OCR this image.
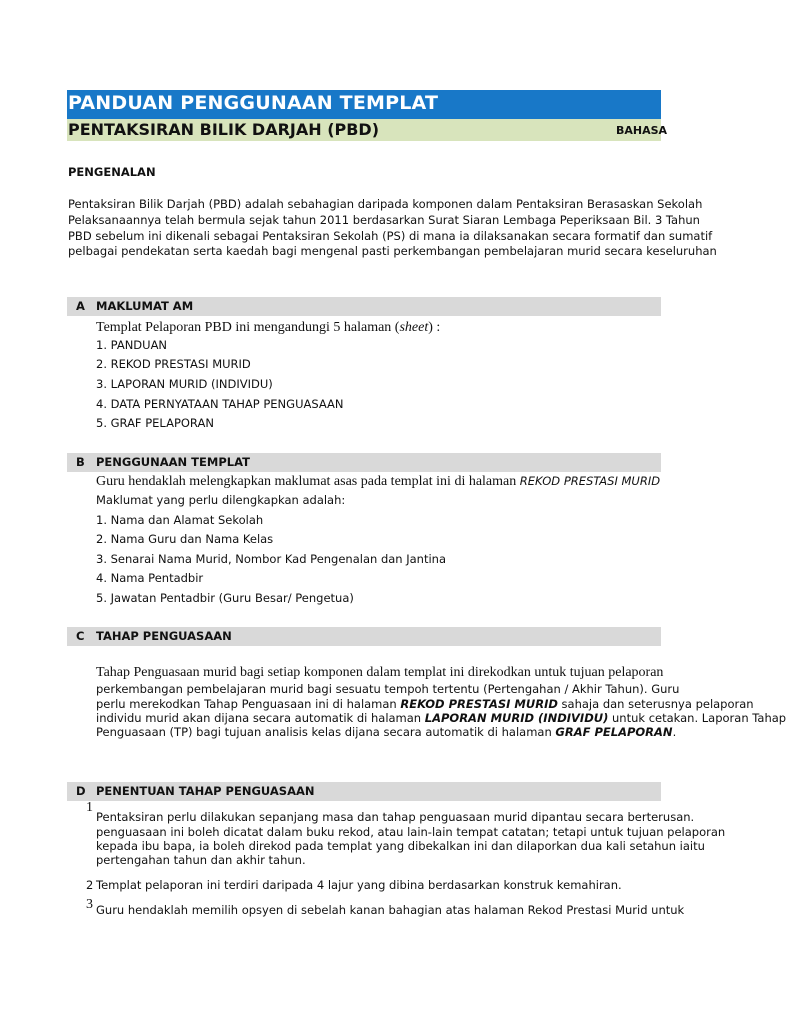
PANDUAN PENGGUNAAN TEMPLAT
PENTAKSIRAN BILIK DARJAH (PBD)	BAHASA
PENGENALAN
Pentaksiran Bilik Darjah (PBD) adalah sebahagian daripada komponen dalam Pentaksiran Berasaskan Sekolah
Pelaksanaannya telah bermula sejak tahun 2011 berdasarkan Surat Siaran Lembaga Peperiksaan Bil. 3 Tahun
PBD sebelum ini dikenali sebagai Pentaksiran Sekolah (PS) di mana ia dilaksanakan secara formatif dan sumatif
pelbagai pendekatan serta kaedah bagi mengenal pasti perkembangan pembelajaran murid secara keseluruhan
A MAKLUMAT AM
Templat Pelaporan PBD ini mengandungi 5 halaman (sheet) :
1. PANDUAN
2. REKOD PRESTASI MURID
3. LAPORAN MURID (INDIVIDU)
4. DATA PERNYATAAN TAHAP PENGUASAAN
5. GRAF PELAPORAN
B PENGGUNAAN TEMPLAT
Guru hendaklah melengkapkan maklumat asas pada templat ini di halaman REKOD PRESTASI MURID
Maklumat yang perlu dilengkapkan adalah:
1. Nama dan Alamat Sekolah
2. Nama Guru dan Nama Kelas
3. Senarai Nama Murid, Nombor Kad Pengenalan dan Jantina
4. Nama Pentadbir
5. Jawatan Pentadbir (Guru Besar/ Pengetua)
C TAHAP PENGUASAAN
Tahap Penguasaan murid bagi setiap komponen dalam templat ini direkodkan untuk tujuan pelaporan
perkembangan pembelajaran murid bagi sesuatu tempoh tertentu (Pertengahan / Akhir Tahun). Guru
perlu merekodkan Tahap Penguasaan ini di halaman REKOD PRESTASI MURID sahaja dan seterusnya pelaporan
individu murid akan dijana secara automatik di halaman LAPORAN MURID (INDIVIDU) untuk cetakan. Laporan Tahap
Penguasaan (TP) bagi tujuan analisis kelas dijana secara automatik di halaman GRAF PELAPORAN.
D PENENTUAN TAHAP PENGUASAAN
1
Pentaksiran perlu dilakukan sepanjang masa dan tahap penguasaan murid dipantau secara berterusan.
penguasaan ini boleh dicatat dalam buku rekod, atau lain-lain tempat catatan; tetapi untuk tujuan pelaporan
kepada ibu bapa, ia boleh direkod pada templat yang dibekalkan ini dan dilaporkan dua kali setahun iaitu
pertengahan tahun dan akhir tahun.
2 Templat pelaporan ini terdiri daripada 4 lajur yang dibina berdasarkan konstruk kemahiran.
3 Guru hendaklah memilih opsyen di sebelah kanan bahagian atas halaman Rekod Prestasi Murid untuk
